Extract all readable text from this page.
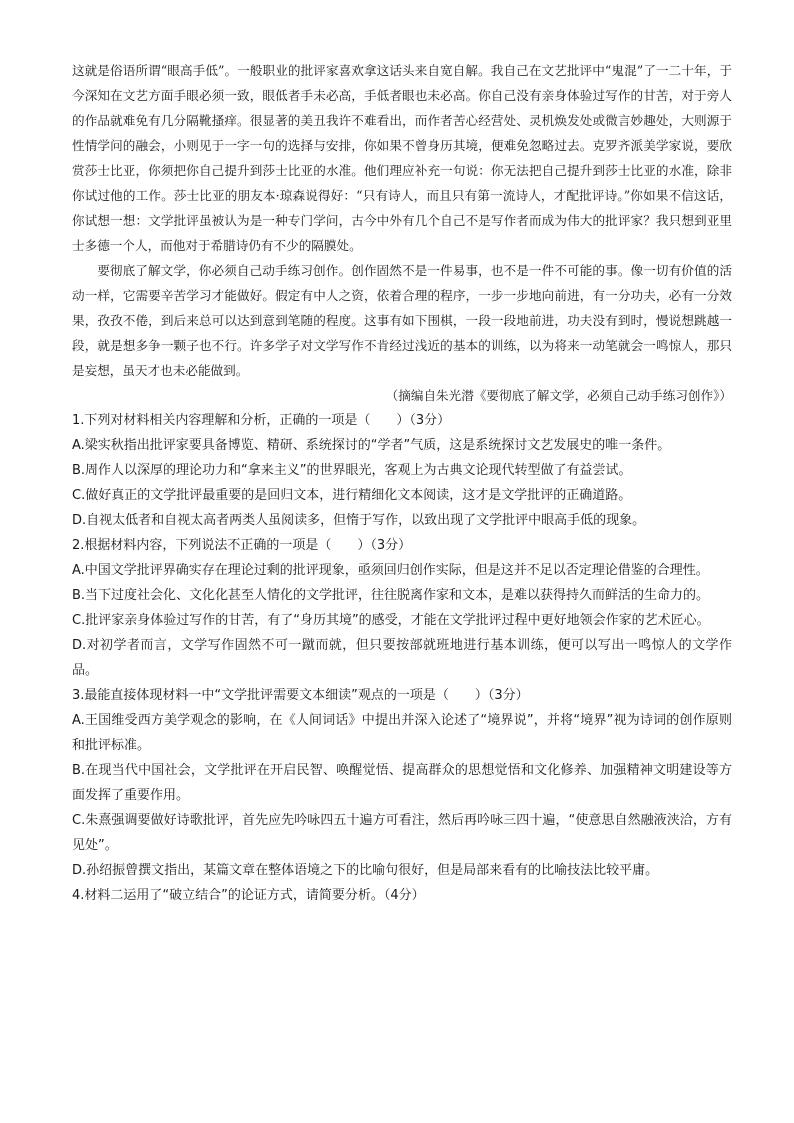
这就是俗语所谓“眼高手低”。一般职业的批评家喜欢拿这话头来自宽自解。我自己在文艺批评中“鬼混”了一二十年，于今深知在文艺方面手眼必须一致，眼低者手未必高，手低者眼也未必高。你自己没有亲身体验过写作的甘苦，对于旁人的作品就难免有几分隔靴搔痒。很显著的美丑我许不难看出，而作者苦心经营处、灵机焕发处或微言妙趣处，大则源于性情学问的融会，小则见于一字一句的选择与安排，你如果不曾身历其境，便难免忽略过去。克罗齐派美学家说，要欣赏莎士比亚，你须把你自己提升到莎士比亚的水准。他们理应补充一句说：你无法把自己提升到莎士比亚的水准，除非你试过他的工作。莎士比亚的朋友本·琼森说得好：“只有诗人，而且只有第一流诗人，才配批评诗。”你如果不信这话，你试想一想：文学批评虽被认为是一种专门学问，古今中外有几个自己不是写作者而成为伟大的批评家？我只想到亚里士多德一个人，而他对于希腊诗仍有不少的隔膜处。

要彻底了解文学，你必须自己动手练习创作。创作固然不是一件易事，也不是一件不可能的事。像一切有价值的活动一样，它需要辛苦学习才能做好。假定有中人之资，依着合理的程序，一步一步地向前进，有一分功夫，必有一分效果，孜孜不倦，到后来总可以达到意到笔随的程度。这事有如下围棋，一段一段地前进，功夫没有到时，慢说想跳越一段，就是想多争一颗子也不行。许多学子对文学写作不肯经过浅近的基本的训练，以为将来一动笔就会一鸣惊人，那只是妄想，虽天才也未必能做到。

（摘编自朱光潜《要彻底了解文学，必须自己动手练习创作》）

1.下列对材料相关内容理解和分析，正确的一项是（　　）（3分）

A.梁实秋指出批评家要具备博览、精研、系统探讨的“学者”气质，这是系统探讨文艺发展史的唯一条件。

B.周作人以深厚的理论功力和“拿来主义”的世界眼光，客观上为古典文论现代转型做了有益尝试。

C.做好真正的文学批评最重要的是回归文本，进行精细化文本阅读，这才是文学批评的正确道路。

D.自视太低者和自视太高者两类人虽阅读多，但惰于写作，以致出现了文学批评中眼高手低的现象。

2.根据材料内容，下列说法不正确的一项是（　　）（3分）

A.中国文学批评界确实存在理论过剩的批评现象，亟须回归创作实际，但是这并不足以否定理论借鉴的合理性。

B.当下过度社会化、文化化甚至人情化的文学批评，往往脱离作家和文本，是难以获得持久而鲜活的生命力的。

C.批评家亲身体验过写作的甘苦，有了“身历其境”的感受，才能在文学批评过程中更好地领会作家的艺术匠心。

D.对初学者而言，文学写作固然不可一蹴而就，但只要按部就班地进行基本训练，便可以写出一鸣惊人的文学作品。

3.最能直接体现材料一中“文学批评需要文本细读”观点的一项是（　　）（3分）

A.王国维受西方美学观念的影响，在《人间词话》中提出并深入论述了“境界说”，并将“境界”视为诗词的创作原则和批评标准。

B.在现当代中国社会，文学批评在开启民智、唤醒觉悟、提高群众的思想觉悟和文化修养、加强精神文明建设等方面发挥了重要作用。

C.朱熹强调要做好诗歌批评，首先应先吟咏四五十遍方可看注，然后再吟咏三四十遍，“使意思自然融液浃洽，方有见处”。

D.孙绍振曾撰文指出，某篇文章在整体语境之下的比喻句很好，但是局部来看有的比喻技法比较平庸。

4.材料二运用了“破立结合”的论证方式，请简要分析。（4分）
